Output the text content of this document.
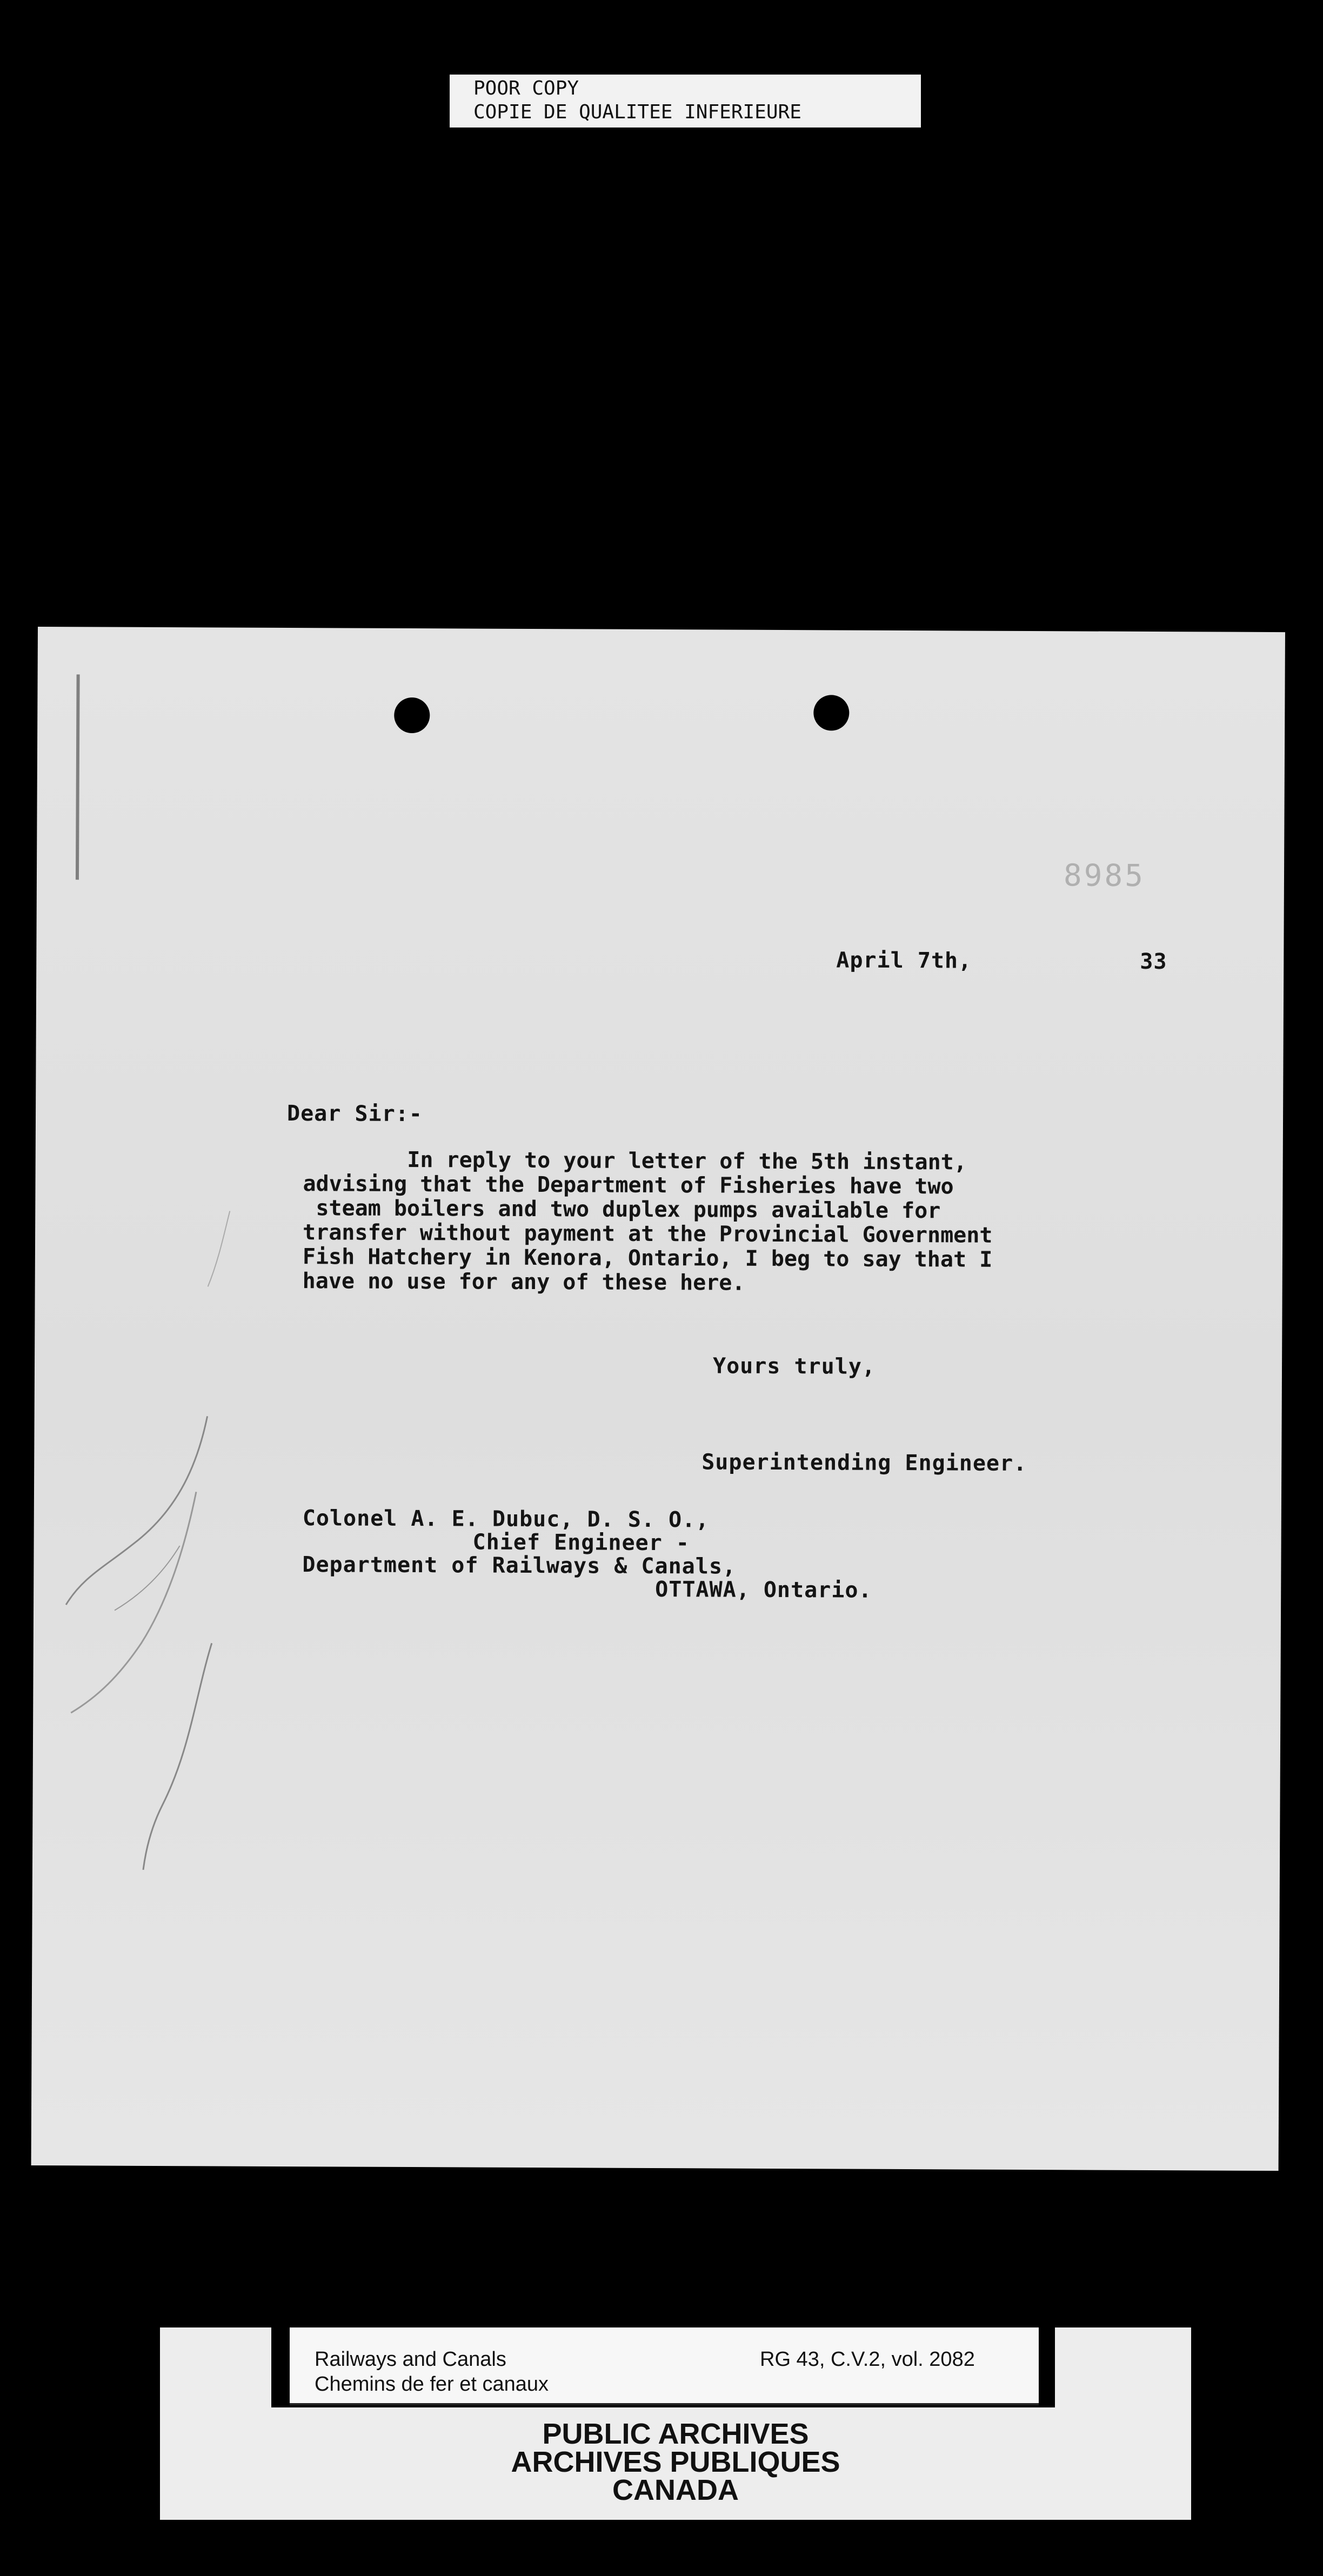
POOR COPY
COPIE DE QUALITEE INFERIEURE
8985
April 7th,	33
Dear Sir:-
In reply to your letter of the 5th instant,
advising that the Department of Fisheries have two
steam boilers and two duplex pumps available for
transfer without payment at the Provincial Government
Fish Hatchery in Kenora, Ontario, I beg to say that I
have no use for any of these here.
Yours truly,
Superintending Engineer.
Colonel A. E. Dubuc, D. S. O.,
Chief Engineer -
Department of Railways & Canals,
OTTAWA, Ontario.
Railways and Canals
Chemins de fer et canaux
RG 43, C.V.2, vol. 2082
PUBLIC ARCHIVES
ARCHIVES PUBLIQUES
CANADA
